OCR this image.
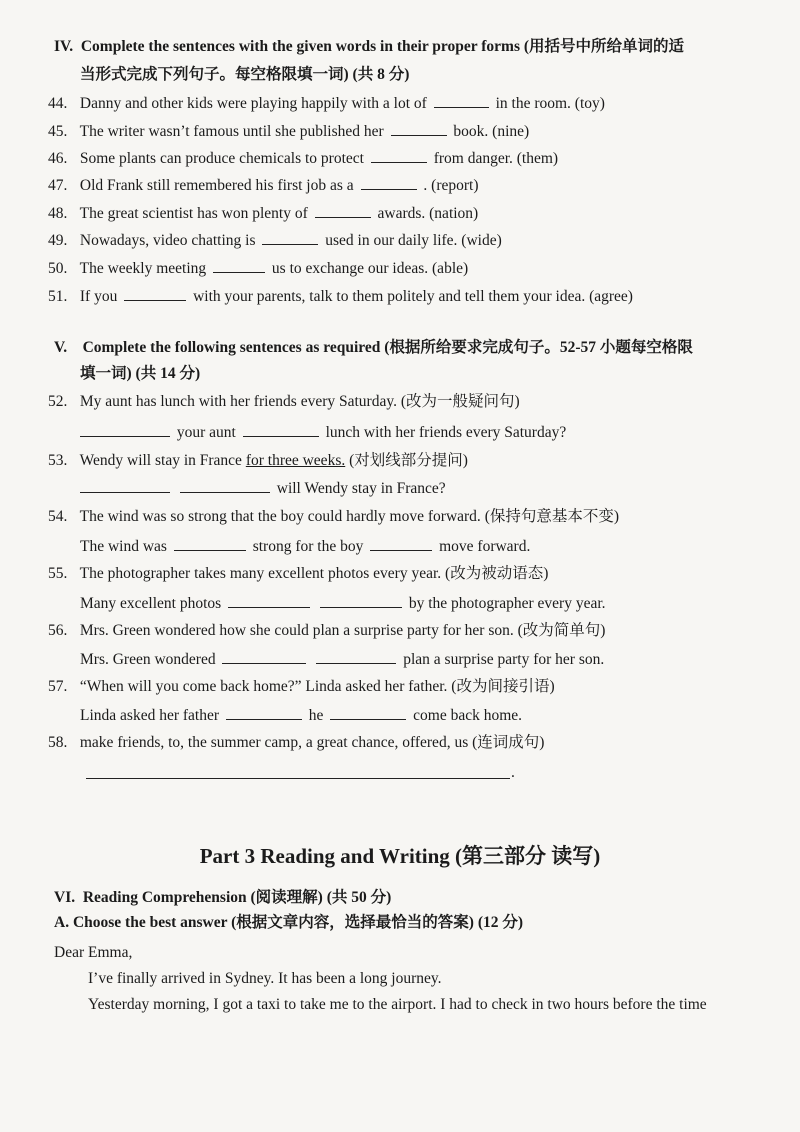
IV. Complete the sentences with the given words in their proper forms (用括号中所给单词的适
当形式完成下列句子。每空格限填一词) (共 8 分)
44. Danny and other kids were playing happily with a lot of	in the room. (toy)
45. The writer wasn’t famous until she published her	book. (nine)
46. Some plants can produce chemicals to protect	from danger. (them)
47. Old Frank still remembered his first job as a	. (report)
48. The great scientist has won plenty of	awards. (nation)
49. Nowadays, video chatting is	used in our daily life. (wide)
50. The weekly meeting	us to exchange our ideas. (able)
51. If you	with your parents, talk to them politely and tell them your idea. (agree)
V. Complete the following sentences as required (根据所给要求完成句子。52-57 小题每空格限
填一词) (共 14 分)
52. My aunt has lunch with her friends every Saturday. (改为一般疑问句)
your aunt	lunch with her friends every Saturday?
53. Wendy will stay in France for three weeks. (对划线部分提问)
will Wendy stay in France?
54. The wind was so strong that the boy could hardly move forward. (保持句意基本不变)
The wind was	strong for the boy	move forward.
55. The photographer takes many excellent photos every year. (改为被动语态)
Many excellent photos	by the photographer every year.
56. Mrs. Green wondered how she could plan a surprise party for her son. (改为简单句)
Mrs. Green wondered	plan a surprise party for her son.
57. “When will you come back home?” Linda asked her father. (改为间接引语)
Linda asked her father	he	come back home.
58. make friends, to, the summer camp, a great chance, offered, us (连词成句)
.
Part 3 Reading and Writing (第三部分 读写)
VI. Reading Comprehension (阅读理解) (共 50 分)
A. Choose the best answer (根据文章内容，选择最恰当的答案) (12 分)
Dear Emma,
I’ve finally arrived in Sydney. It has been a long journey.
Yesterday morning, I got a taxi to take me to the airport. I had to check in two hours before the time
